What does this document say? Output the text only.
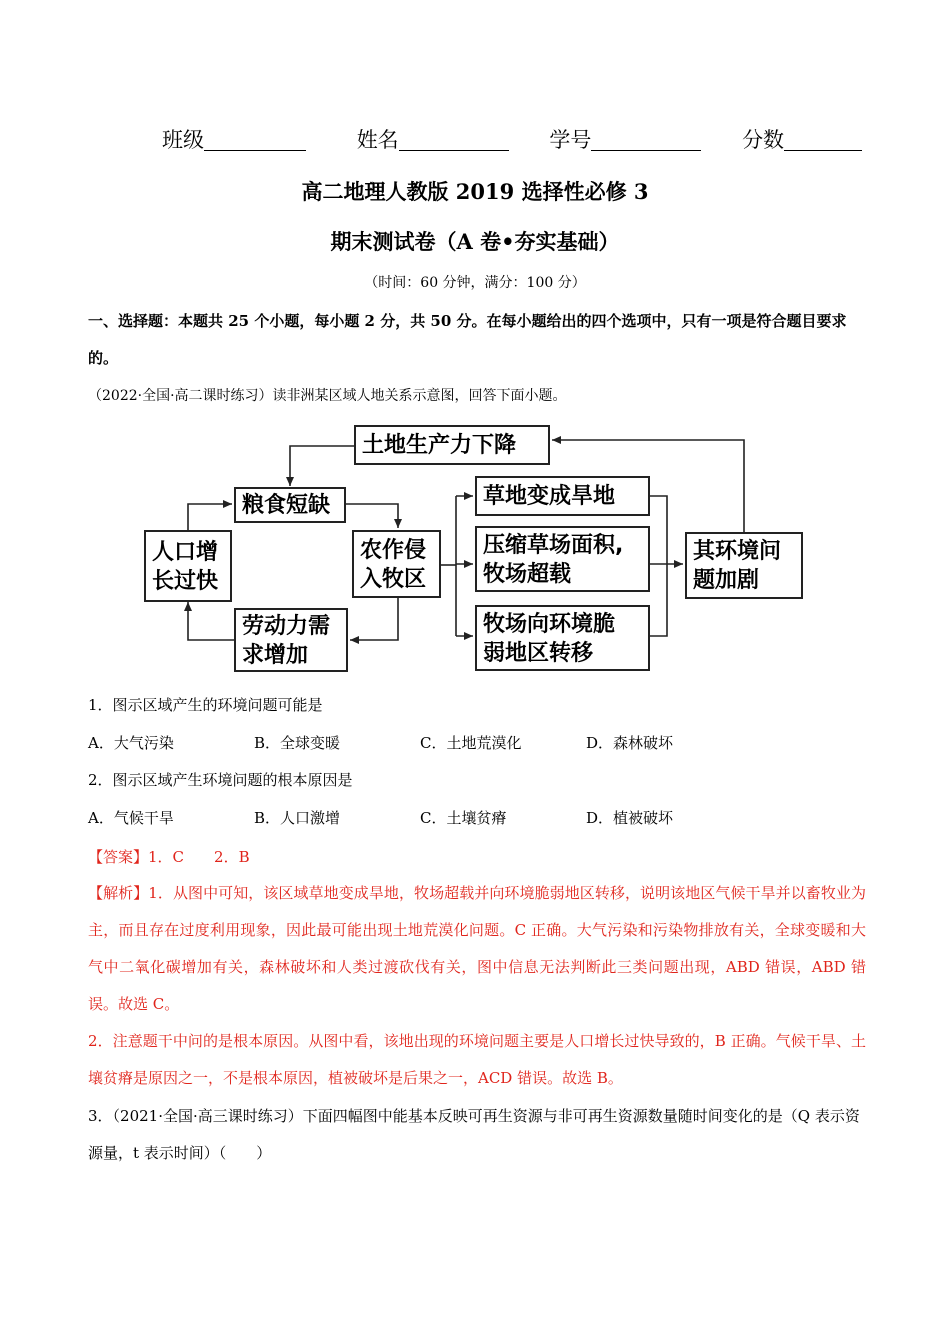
班级	姓名	学号	分数
高二地理人教版 2019 选择性必修 3
期末测试卷（A 卷•夯实基础）
（时间：60 分钟，满分：100 分）
一、选择题：本题共 25 个小题，每小题 2 分，共 50 分。在每小题给出的四个选项中，只有一项是符合题目要求的。
（2022·全国·高二课时练习）读非洲某区域人地关系示意图，回答下面小题。
土地生产力下降
粮食短缺
人口增
长过快
农作侵
入牧区
劳动力需
求增加
草地变成旱地
压缩草场面积,
牧场超载
牧场向环境脆
弱地区转移
其环境问
题加剧
1．图示区域产生的环境问题可能是
A．大气污染	B．全球变暖	C．土地荒漠化	D．森林破坏
2．图示区域产生环境问题的根本原因是
A．气候干旱	B．人口激增	C．土壤贫瘠	D．植被破坏
【答案】1．C　　2．B
【解析】1．从图中可知，该区域草地变成旱地，牧场超载并向环境脆弱地区转移，说明该地区气候干旱并以畜牧业为主，而且存在过度利用现象，因此最可能出现土地荒漠化问题。C 正确。大气污染和污染物排放有关，全球变暖和大气中二氧化碳增加有关，森林破坏和人类过渡砍伐有关，图中信息无法判断此三类问题出现，ABD 错误，ABD 错误。故选 C。
2．注意题干中问的是根本原因。从图中看，该地出现的环境问题主要是人口增长过快导致的，B 正确。气候干旱、土壤贫瘠是原因之一，不是根本原因，植被破坏是后果之一，ACD 错误。故选 B。
3．（2021·全国·高三课时练习）下面四幅图中能基本反映可再生资源与非可再生资源数量随时间变化的是（Q 表示资源量，t 表示时间）（　　）
